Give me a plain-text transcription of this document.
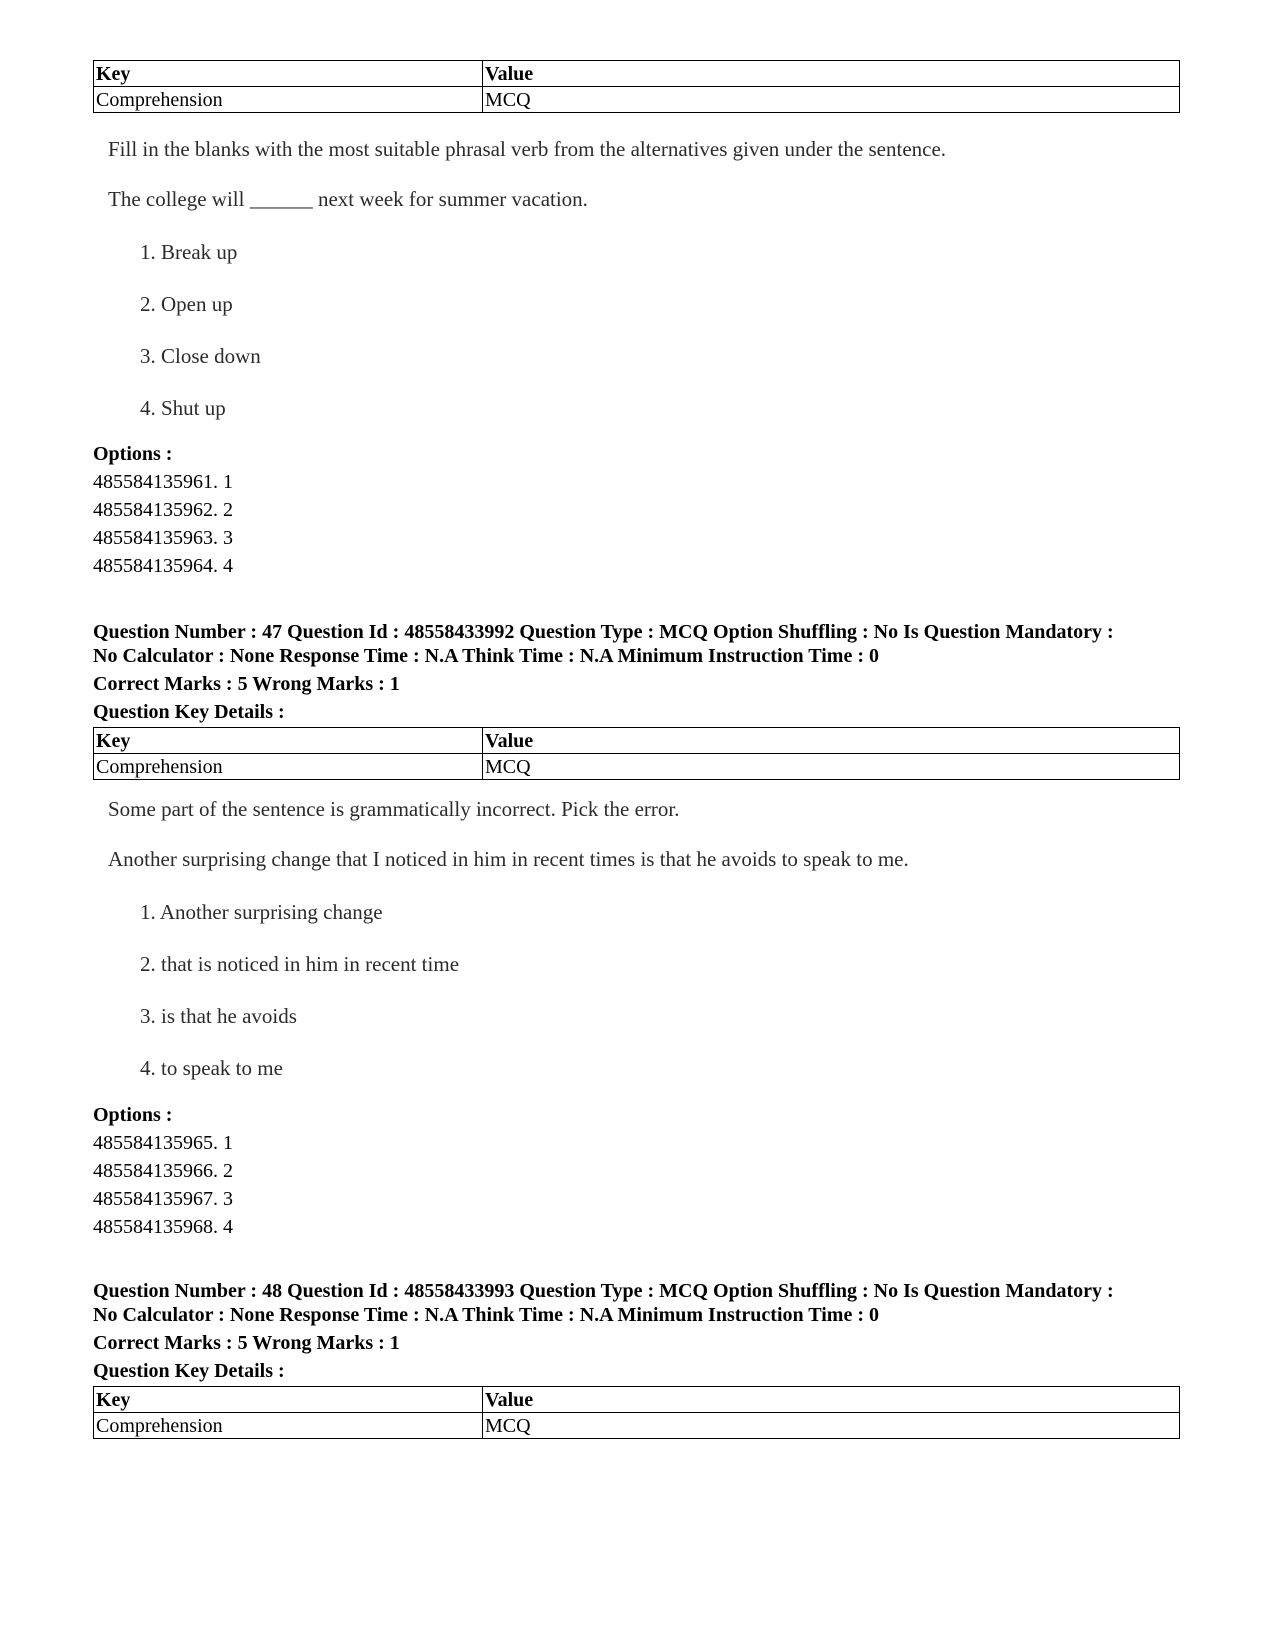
Key	Value
Comprehension	MCQ
Fill in the blanks with the most suitable phrasal verb from the alternatives given under the sentence.
The college will ______ next week for summer vacation.
1. Break up
2. Open up
3. Close down
4. Shut up
Options :
485584135961. 1
485584135962. 2
485584135963. 3
485584135964. 4
Question Number : 47 Question Id : 48558433992 Question Type : MCQ Option Shuffling : No Is Question Mandatory :
No Calculator : None Response Time : N.A Think Time : N.A Minimum Instruction Time : 0
Correct Marks : 5 Wrong Marks : 1
Question Key Details :
Key	Value
Comprehension	MCQ
Some part of the sentence is grammatically incorrect. Pick the error.
Another surprising change that I noticed in him in recent times is that he avoids to speak to me.
1. Another surprising change
2. that is noticed in him in recent time
3. is that he avoids
4. to speak to me
Options :
485584135965. 1
485584135966. 2
485584135967. 3
485584135968. 4
Question Number : 48 Question Id : 48558433993 Question Type : MCQ Option Shuffling : No Is Question Mandatory :
No Calculator : None Response Time : N.A Think Time : N.A Minimum Instruction Time : 0
Correct Marks : 5 Wrong Marks : 1
Question Key Details :
Key	Value
Comprehension	MCQ
